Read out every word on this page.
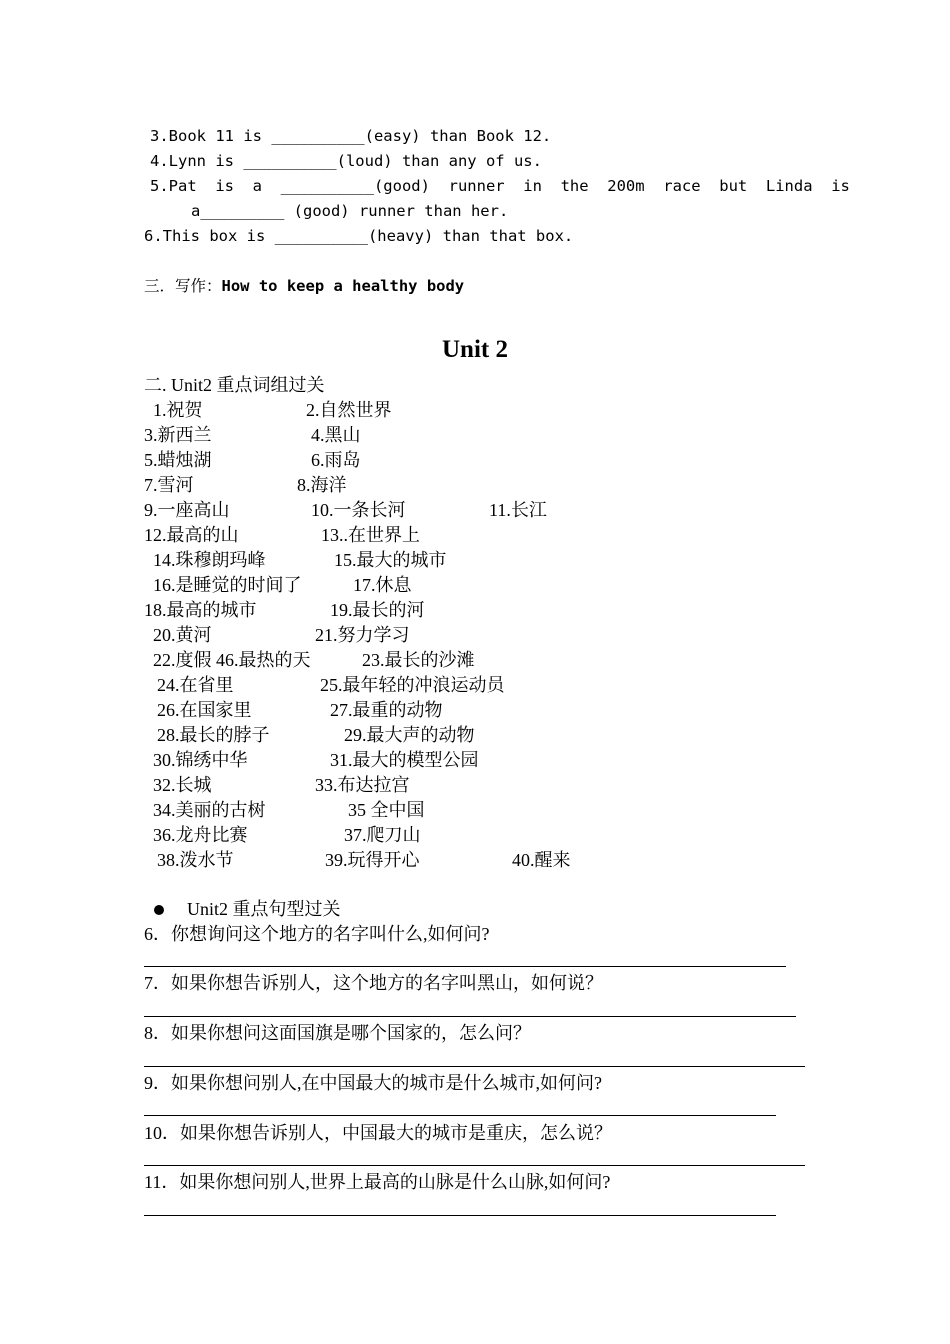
3.Book 11 is __________(easy) than Book 12.
4.Lynn is __________(loud) than any of us.
5.Pat  is  a  __________(good)  runner  in  the  200m  race  but  Linda  is
a_________ (good) runner than her.
6.This box is __________(heavy) than that box.
三．写作：How to keep a healthy body
Unit 2
二. Unit2 重点词组过关
1.祝贺	2.自然世界
3.新西兰	4.黑山
5.蜡烛湖	6.雨岛
7.雪河	8.海洋
9.一座高山	10.一条长河	11.长江
12.最高的山	13..在世界上
14.珠穆朗玛峰	15.最大的城市
16.是睡觉的时间了	17.休息
18.最高的城市	19.最长的河
20.黄河	21.努力学习
22.度假 46.最热的天	23.最长的沙滩
24.在省里	25.最年轻的冲浪运动员
26.在国家里	27.最重的动物
28.最长的脖子	29.最大声的动物
30.锦绣中华	31.最大的模型公园
32.长城	33.布达拉宫
34.美丽的古树	35 全中国
36.龙舟比赛	37.爬刀山
38.泼水节	39.玩得开心	40.醒来
Unit2 重点句型过关
6．你想询问这个地方的名字叫什么,如何问?
7．如果你想告诉别人，这个地方的名字叫黑山，如何说？
8．如果你想问这面国旗是哪个国家的，怎么问？
9．如果你想问别人,在中国最大的城市是什么城市,如何问?
10．如果你想告诉别人，中国最大的城市是重庆，怎么说？
11．如果你想问别人,世界上最高的山脉是什么山脉,如何问?
